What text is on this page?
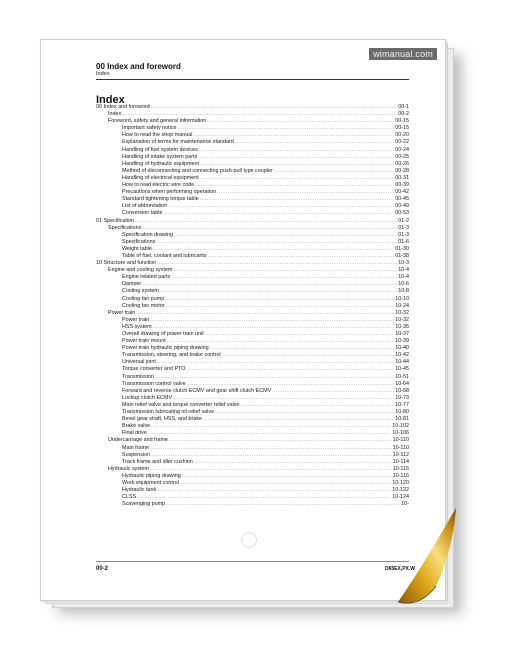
wimanual.com
00 Index and foreword
Index
Index
00 Index and foreword .....	00-1
Index .....	00-2
Foreword, safety and general information .....	00-15
Important safety notice .....	00-15
How to read the shop manual .....	00-20
Explanation of terms for maintenance standard .....	00-22
Handling of fuel system devices .....	00-24
Handling of intake system parts .....	00-25
Handling of hydraulic equipment .....	00-26
Method of disconnecting and connecting push-pull type coupler .....	00-28
Handling of electrical equipment .....	00-31
How to read electric wire code .....	00-39
Precautions when performing operation .....	00-42
Standard tightening torque table .....	00-45
List of abbreviation .....	00-49
Conversion table .....	00-53
01 Specification .....	01-2
Specifications .....	01-3
Specification drawing .....	01-3
Specifications .....	01-6
Weight table .....	01-30
Table of fuel, coolant and lubricants .....	01-38
10 Structure and function .....	10-3
Engine and cooling system .....	10-4
Engine related parts .....	10-4
Damper .....	10-6
Cooling system .....	10-8
Cooling fan pump .....	10-10
Cooling fan motor .....	10-24
Power train .....	10-32
Power train .....	10-32
HSS system .....	10-35
Overall drawing of power train unit .....	10-37
Power train mount .....	10-39
Power train hydraulic piping drawing .....	10-40
Transmission, steering, and brake control .....	10-42
Universal joint .....	10-44
Torque converter and PTO .....	10-45
Transmission .....	10-51
Transmission control valve .....	10-64
Forward and reverse clutch ECMV and gear shift clutch ECMV .....	10-68
Lockup clutch ECMV .....	10-73
Main relief valve and torque converter relief valve .....	10-77
Transmission lubricating oil relief valve .....	10-80
Bevel gear shaft, HSS, and brake .....	10-81
Brake valve .....	10-102
Final drive .....	10-106
Undercarriage and frame .....	10-110
Main frame .....	10-110
Suspension .....	10-112
Track frame and idler cushion .....	10-114
Hydraulic system .....	10-116
Hydraulic piping drawing .....	10-116
Work equipment control .....	10-120
Hydraulic tank .....	10-122
CLSS .....	10-124
Scavenging pump .....	10-
00-2	D65EX,PX,W
